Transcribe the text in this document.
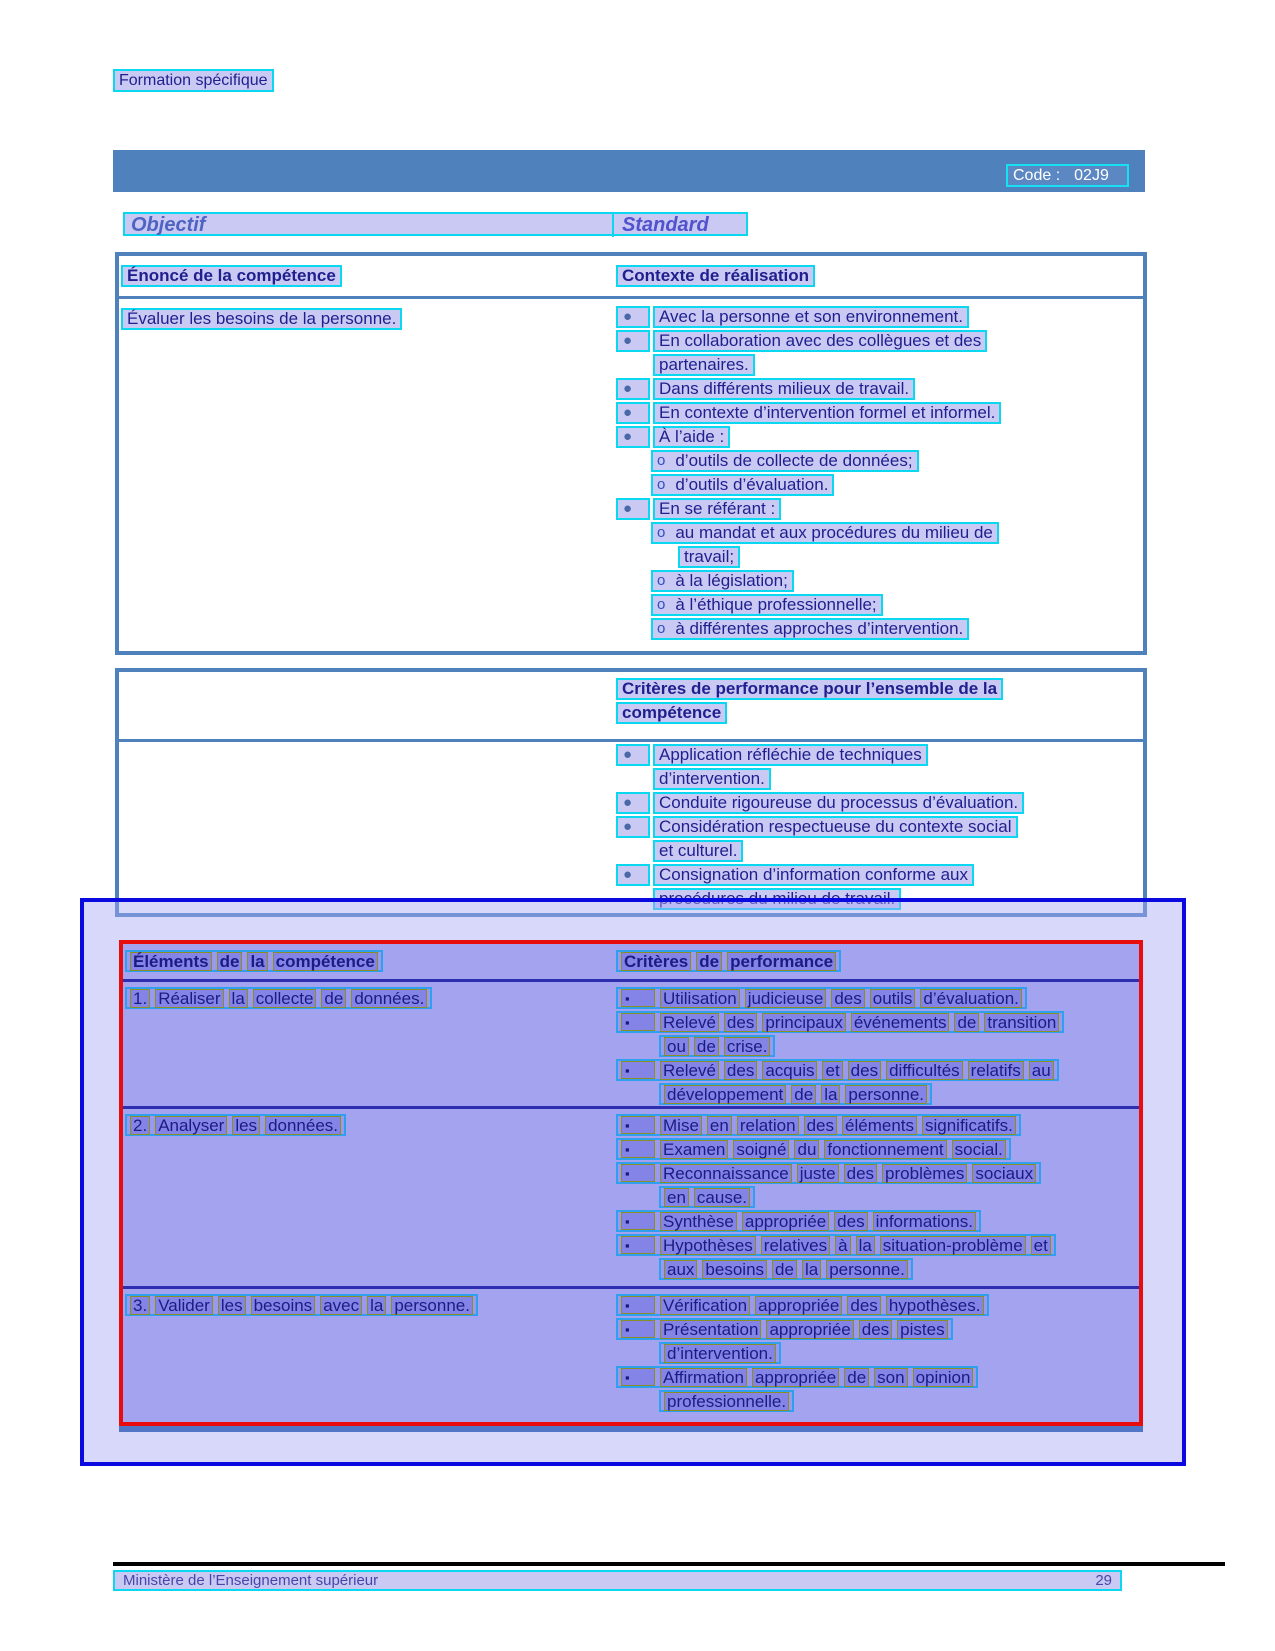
Formation spécifique
Code : 02J9
Objectif	Standard
Énoncé de la compétence	Contexte de réalisation
Évaluer les besoins de la personne.	●	Avec la personne et son environnement.
●	En collaboration avec des collègues et des
partenaires.
●	Dans différents milieux de travail.
●	En contexte d’intervention formel et informel.
●	À l’aide :
o d’outils de collecte de données;
o d’outils d’évaluation.
●	En se référant :
o au mandat et aux procédures du milieu de
travail;
o à la législation;
o à l’éthique professionnelle;
o à différentes approches d’intervention.
Critères de performance pour l’ensemble de la
compétence
●	Application réfléchie de techniques
d’intervention.
●	Conduite rigoureuse du processus d’évaluation.
●	Considération respectueuse du contexte social
et culturel.
●	Consignation d’information conforme aux
procédures du milieu de travail.
Éléments de la compétence	Critères de performance
1. Réaliser la collecte de données.	▪	Utilisation judicieuse des outils d’évaluation.
▪	Relevé des principaux événements de transition
ou de crise.
▪	Relevé des acquis et des difficultés relatifs au
développement de la personne.
2. Analyser les données.	▪	Mise en relation des éléments significatifs.
▪	Examen soigné du fonctionnement social.
▪	Reconnaissance juste des problèmes sociaux
en cause.
▪	Synthèse appropriée des informations.
▪	Hypothèses relatives à la situation-problème et
aux besoins de la personne.
3. Valider les besoins avec la personne.	▪	Vérification appropriée des hypothèses.
▪	Présentation appropriée des pistes
d’intervention.
▪	Affirmation appropriée de son opinion
professionnelle.
Ministère de l’Enseignement supérieur	29
